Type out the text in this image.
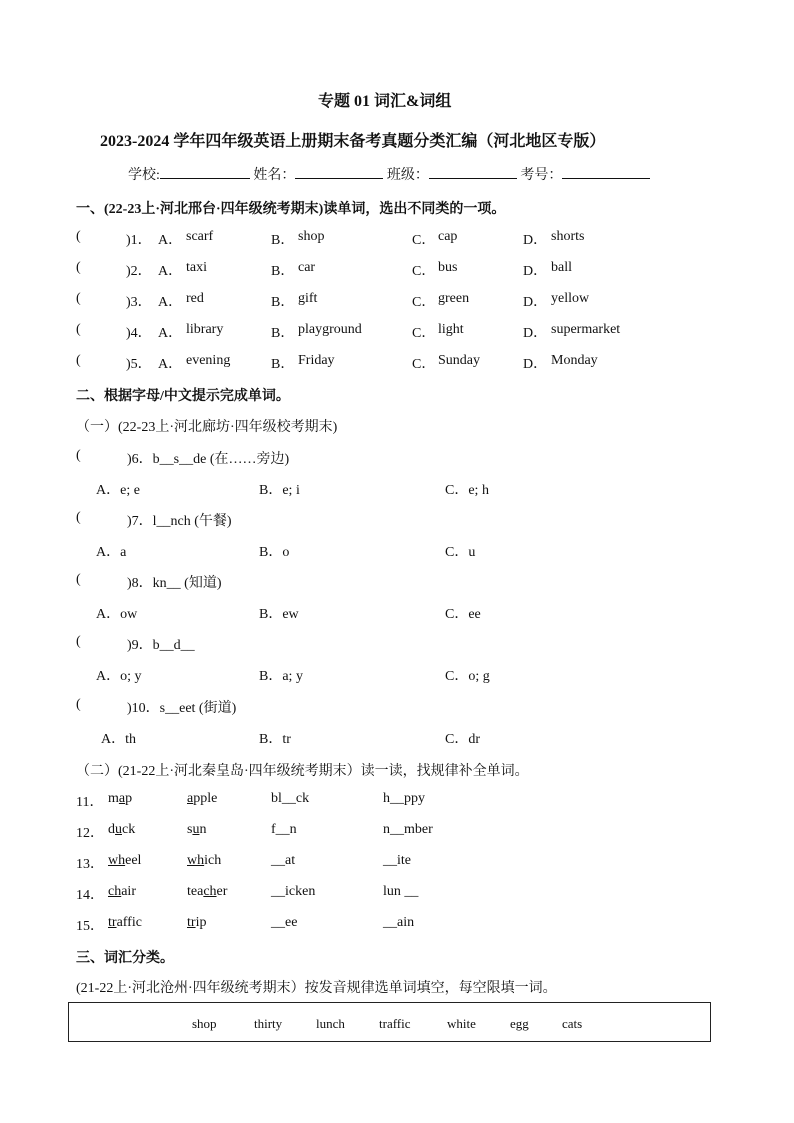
专题 01 词汇&词组
2023-2024 学年四年级英语上册期末备考真题分类汇编（河北地区专版）
学校:	姓名：	班级：	考号：
一、(22-23上·河北邢台·四年级统考期末)读单词，选出不同类的一项。
(	)1． A． scarf	B． shop	C． cap	D． shorts
(	)2． A． taxi	B． car	C． bus	D． ball
(	)3． A． red	B． gift	C． green	D． yellow
(	)4． A． library	B． playground	C． light	D． supermarket
(	)5． A． evening	B． Friday	C． Sunday	D． Monday
二、根据字母/中文提示完成单词。
（一）(22-23上·河北廊坊·四年级校考期末)
(	)6．b__s__de (在……旁边)
A．e; e	B．e; i	C．e; h
(	)7．l__nch (午餐)
A．a	B．o	C．u
(	)8．kn__ (知道)
A．ow	B．ew	C．ee
(	)9．b__d__
A．o; y	B．a; y	C．o; g
(	)10．s__eet (街道)
A．th	B．tr	C．dr
（二）(21-22上·河北秦皇岛·四年级统考期末）读一读，找规律补全单词。
11． map	apple	bl__ck	h__ppy
12． duck	sun	f__n	n__mber
13． wheel	which	__at	__ite
14． chair	teacher	__icken	lun __
15． traffic	trip	__ee	__ain
三、词汇分类。
(21-22上·河北沧州·四年级统考期末）按发音规律选单词填空，每空限填一词。
shop	thirty	lunch	traffic	white	egg	cats
